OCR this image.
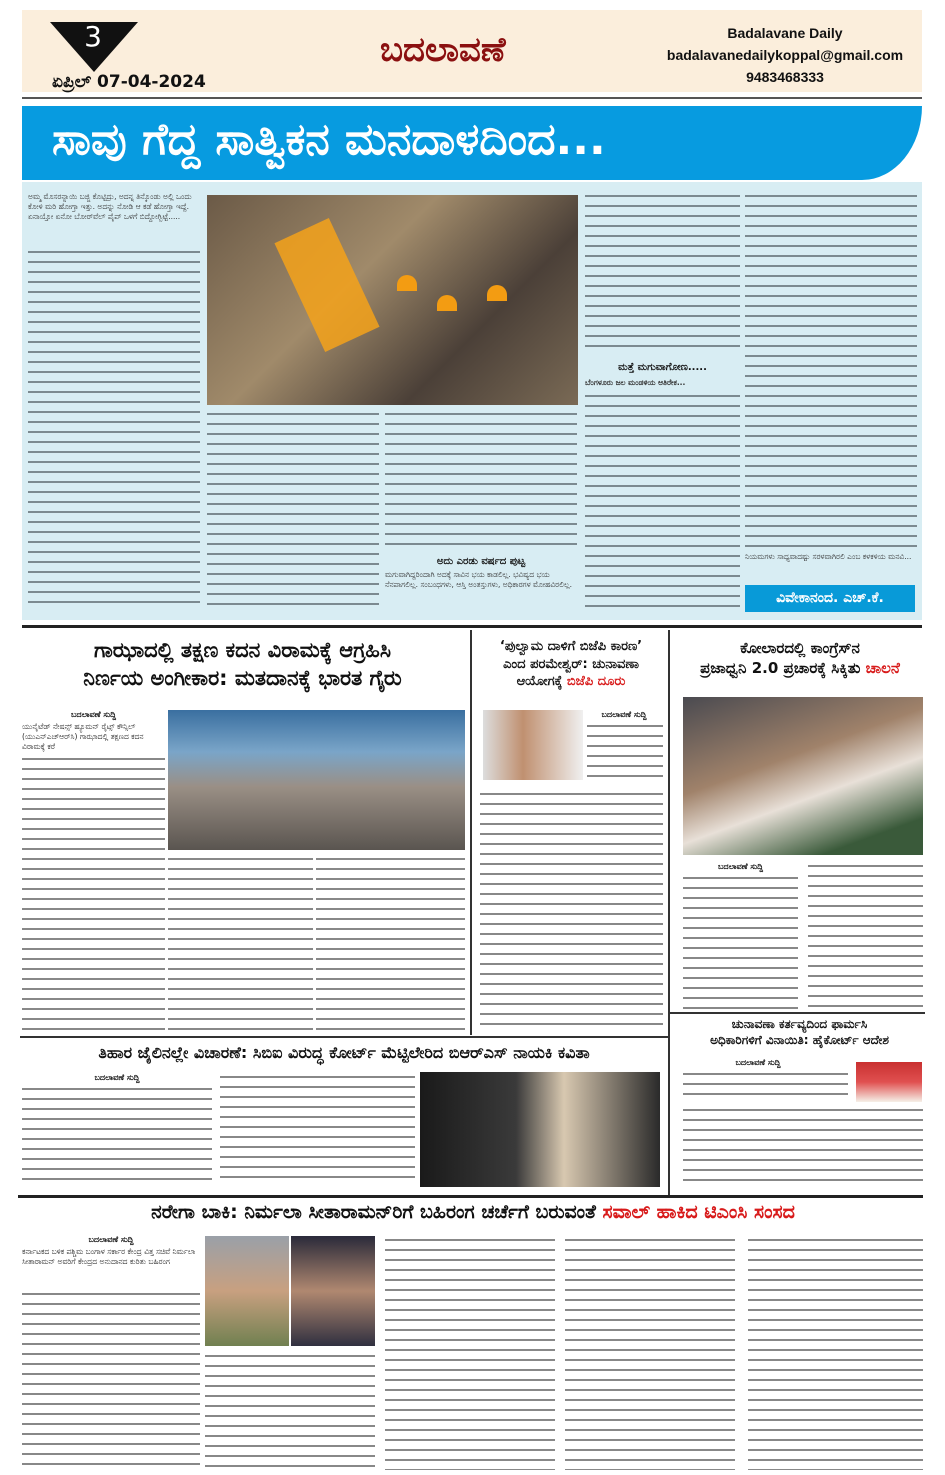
3
ಏಪ್ರಿಲ್ 07-04-2024
ಬದಲಾವಣೆ	Badalavane Daily
badalavanedailykoppal@gmail.com
9483468333
ಸಾವು ಗೆದ್ದ ಸಾತ್ವಿಕನ ಮನದಾಳದಿಂದ...
ಅಮ್ಮ ಮೊಸರನ್ನಾಯಿ ಬಜ್ಜಿ ಕೊಟ್ಟಿದ್ರು, ಅದನ್ನ ತಿನ್ಕೊಂಡು ಅಲ್ಲಿ ಒಂದು ಕೋಳಿ ಮರಿ ಹೋಗ್ತಾ ಇತ್ತು. ಅದನ್ನು ನೋಡಿ ಆ ಕಡೆ ಹೋಗ್ತಾ ಇದ್ದೆ. ಏನಾಯ್ತೋ ಏನೋ ಬೋರ್‌ವೆಲ್ ಪೈಪ್ ಒಳಗೆ ಬಿದ್ದೋಗ್ಬಿಟ್ಟೆ.....
ಅದು ಎರಡು ವರ್ಷದ ಪುಟ್ಟ
ಮಗುವಾಗಿದ್ದರಿಂದಾಗಿ ಅದಕ್ಕೆ ಸಾವಿನ ಭಯ ಕಾಡಲಿಲ್ಲ. ಭವಿಷ್ಯದ ಭಯ ನೆನಪಾಗಲಿಲ್ಲ. ಸಂಬಂಧಗಳು, ಆಸ್ತಿ ಅಂತಸ್ತುಗಳು, ಅಧಿಕಾರಗಳ ಮೋಹವಿರಲಿಲ್ಲ.
ಮತ್ತೆ ಮಗುವಾಗೋಣ.....
ಬೆಂಗಳೂರು ಜಲ ಮಂಡಳಿಯ ಆತಿರೇಕ...
ನಿಯಮಗಳು ಸಾಧ್ಯವಾದಷ್ಟು ಸರಳವಾಗಿರಲಿ ಎಂಬ ಕಳಕಳಿಯ ಮನವಿ...
ವಿವೇಕಾನಂದ. ಎಚ್.ಕೆ.
ಗಾಝಾದಲ್ಲಿ ತಕ್ಷಣ ಕದನ ವಿರಾಮಕ್ಕೆ ಆಗ್ರಹಿಸಿ
ನಿರ್ಣಯ ಅಂಗೀಕಾರ: ಮತದಾನಕ್ಕೆ ಭಾರತ ಗೈರು
ಬದಲಾವಣೆ ಸುದ್ದಿ
ಯುನೈಟೆಡ್ ನೇಷನ್ಸ್ ಹ್ಯೂಮನ್ ರೈಟ್ಸ್ ಕೌನ್ಸಿಲ್ (ಯುಎನ್‌ಎಚ್‌ಆರ್‌ಸಿ) ಗಾಝಾದಲ್ಲಿ ತಕ್ಷಣದ ಕದನ ವಿರಾಮಕ್ಕೆ ಕರೆ
‘ಪುಲ್ವಾಮ ದಾಳಿಗೆ ಬಿಜೆಪಿ ಕಾರಣ’
ಎಂದ ಪರಮೇಶ್ವರ್: ಚುನಾವಣಾ
ಆಯೋಗಕ್ಕೆ ಬಿಜೆಪಿ ದೂರು
ಬದಲಾವಣೆ ಸುದ್ದಿ
ಕೋಲಾರದಲ್ಲಿ ಕಾಂಗ್ರೆಸ್‌ನ
ಪ್ರಜಾಧ್ವನಿ 2.0 ಪ್ರಚಾರಕ್ಕೆ ಸಿಕ್ಕಿತು ಚಾಲನೆ
ಬದಲಾವಣೆ ಸುದ್ದಿ
ಚುನಾವಣಾ ಕರ್ತವ್ಯದಿಂದ ಫಾರ್ಮಸಿ
ಅಧಿಕಾರಿಗಳಿಗೆ ವಿನಾಯಿತಿ: ಹೈಕೋರ್ಟ್ ಆದೇಶ
ಬದಲಾವಣೆ ಸುದ್ದಿ
ತಿಹಾರ ಜೈಲಿನಲ್ಲೇ ವಿಚಾರಣೆ: ಸಿಬಿಐ ವಿರುದ್ಧ ಕೋರ್ಟ್ ಮೆಟ್ಟಿಲೇರಿದ ಬಿಆರ್‌ಎಸ್ ನಾಯಕಿ ಕವಿತಾ
ಬದಲಾವಣೆ ಸುದ್ದಿ
ನರೇಗಾ ಬಾಕಿ: ನಿರ್ಮಲಾ ಸೀತಾರಾಮನ್‌ರಿಗೆ ಬಹಿರಂಗ ಚರ್ಚೆಗೆ ಬರುವಂತೆ ಸವಾಲ್ ಹಾಕಿದ ಟಿಎಂಸಿ ಸಂಸದ
ಬದಲಾವಣೆ ಸುದ್ದಿ
ಕರ್ನಾಟಕದ ಬಳಿಕ ಪಶ್ಚಿಮ ಬಂಗಾಳ ಸರ್ಕಾರ ಕೇಂದ್ರ ವಿತ್ತ ಸಚಿವೆ ನಿರ್ಮಲಾ ಸೀತಾರಾಮನ್ ಅವರಿಗೆ ಕೇಂದ್ರದ ಅನುದಾನದ ಕುರಿತು ಬಹಿರಂಗ
